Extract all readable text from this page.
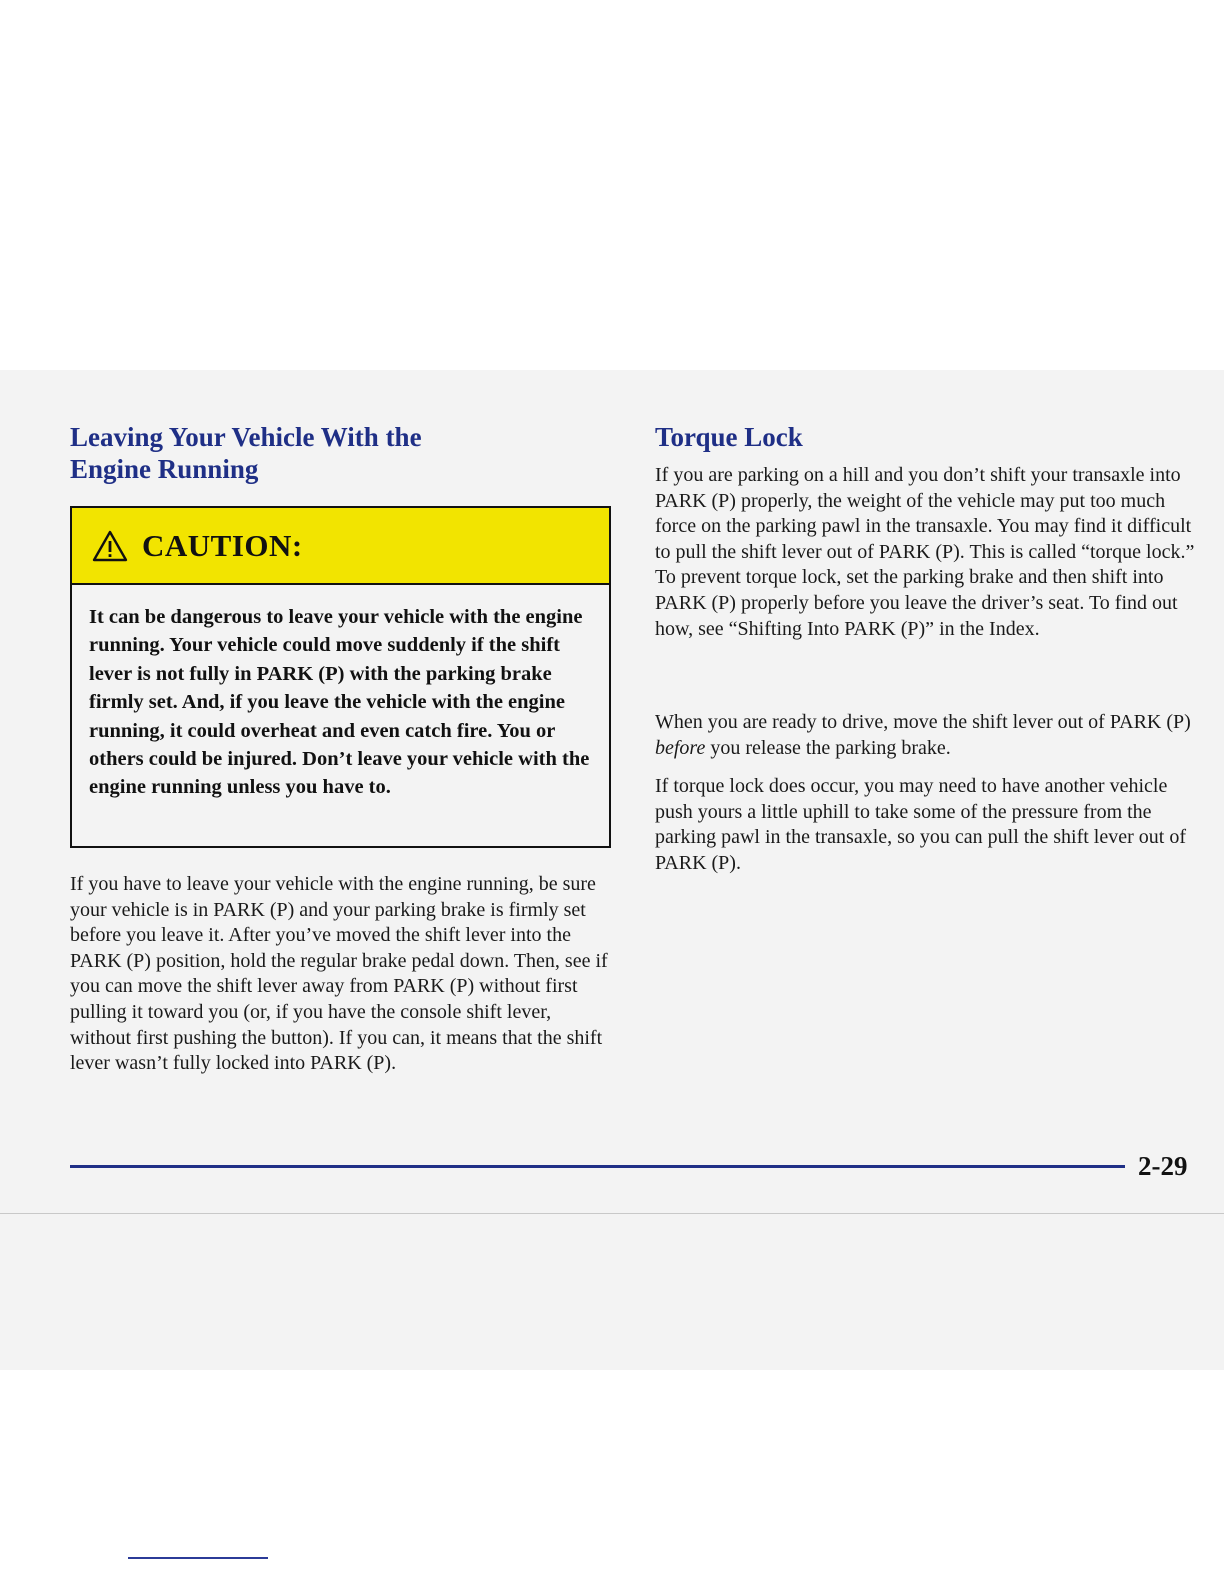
Leaving Your Vehicle With the
Engine Running
CAUTION:

It can be dangerous to leave your vehicle with the engine running. Your vehicle could move suddenly if the shift lever is not fully in PARK (P) with the parking brake firmly set. And, if you leave the vehicle with the engine running, it could overheat and even catch fire. You or others could be injured. Don’t leave your vehicle with the engine running unless you have to.

If you have to leave your vehicle with the engine running, be sure your vehicle is in PARK (P) and your parking brake is firmly set before you leave it. After you’ve moved the shift lever into the PARK (P) position, hold the regular brake pedal down. Then, see if you can move the shift lever away from PARK (P) without first pulling it toward you (or, if you have the console shift lever, without first pushing the button). If you can, it means that the shift lever wasn’t fully locked into PARK (P).

Torque Lock

If you are parking on a hill and you don’t shift your transaxle into PARK (P) properly, the weight of the vehicle may put too much force on the parking pawl in the transaxle. You may find it difficult to pull the shift lever out of PARK (P). This is called “torque lock.” To prevent torque lock, set the parking brake and then shift into PARK (P) properly before you leave the driver’s seat. To find out how, see “Shifting Into PARK (P)” in the Index.

When you are ready to drive, move the shift lever out of PARK (P) before you release the parking brake.

If torque lock does occur, you may need to have another vehicle push yours a little uphill to take some of the pressure from the parking pawl in the transaxle, so you can pull the shift lever out of PARK (P).

2-29
